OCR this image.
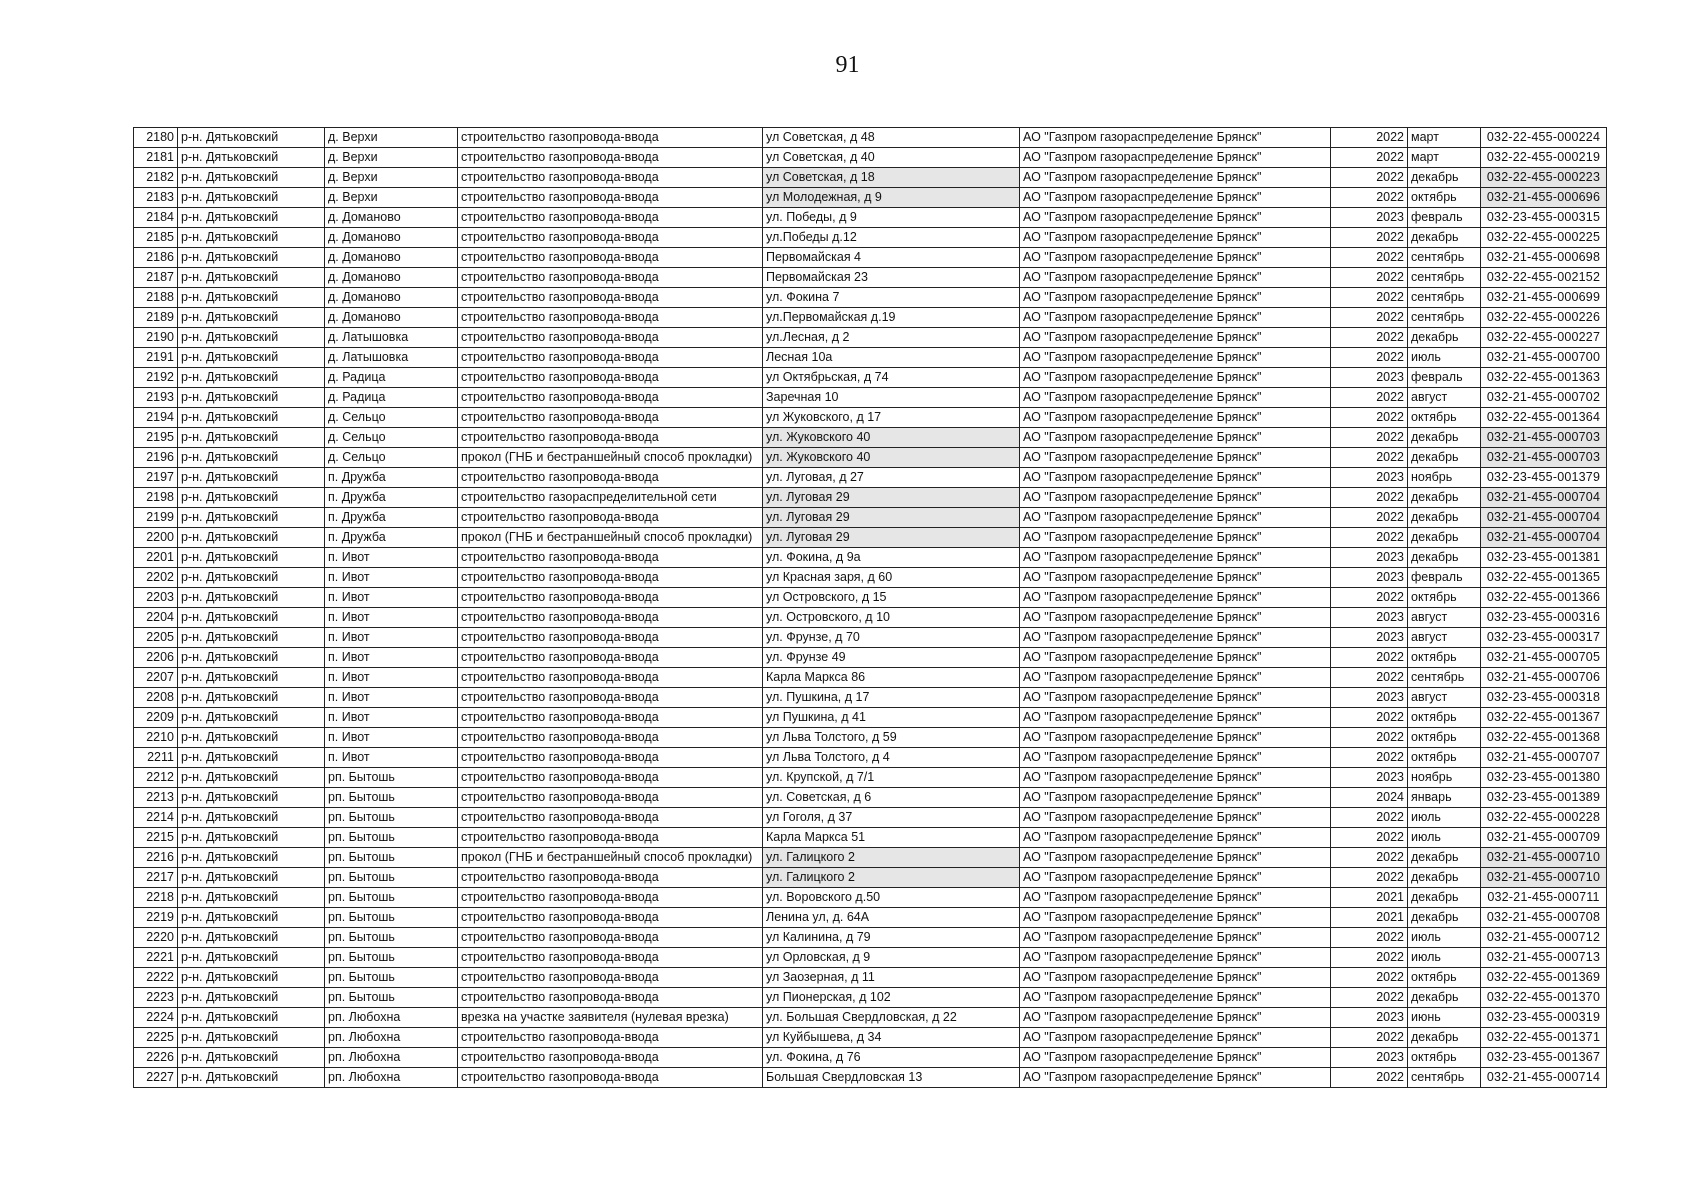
91
2180	р-н. Дятьковский	д. Верхи	строительство газопровода-ввода	ул Советская, д 48	АО "Газпром газораспределение Брянск"	2022	март	032-22-455-000224
2181	р-н. Дятьковский	д. Верхи	строительство газопровода-ввода	ул Советская, д 40	АО "Газпром газораспределение Брянск"	2022	март	032-22-455-000219
2182	р-н. Дятьковский	д. Верхи	строительство газопровода-ввода	ул Советская, д 18	АО "Газпром газораспределение Брянск"	2022	декабрь	032-22-455-000223
2183	р-н. Дятьковский	д. Верхи	строительство газопровода-ввода	ул Молодежная, д 9	АО "Газпром газораспределение Брянск"	2022	октябрь	032-21-455-000696
2184	р-н. Дятьковский	д. Доманово	строительство газопровода-ввода	ул. Победы, д 9	АО "Газпром газораспределение Брянск"	2023	февраль	032-23-455-000315
2185	р-н. Дятьковский	д. Доманово	строительство газопровода-ввода	ул.Победы д.12	АО "Газпром газораспределение Брянск"	2022	декабрь	032-22-455-000225
2186	р-н. Дятьковский	д. Доманово	строительство газопровода-ввода	Первомайская 4	АО "Газпром газораспределение Брянск"	2022	сентябрь	032-21-455-000698
2187	р-н. Дятьковский	д. Доманово	строительство газопровода-ввода	Первомайская 23	АО "Газпром газораспределение Брянск"	2022	сентябрь	032-22-455-002152
2188	р-н. Дятьковский	д. Доманово	строительство газопровода-ввода	ул. Фокина 7	АО "Газпром газораспределение Брянск"	2022	сентябрь	032-21-455-000699
2189	р-н. Дятьковский	д. Доманово	строительство газопровода-ввода	ул.Первомайская д.19	АО "Газпром газораспределение Брянск"	2022	сентябрь	032-22-455-000226
2190	р-н. Дятьковский	д. Латышовка	строительство газопровода-ввода	ул.Лесная, д 2	АО "Газпром газораспределение Брянск"	2022	декабрь	032-22-455-000227
2191	р-н. Дятьковский	д. Латышовка	строительство газопровода-ввода	Лесная 10а	АО "Газпром газораспределение Брянск"	2022	июль	032-21-455-000700
2192	р-н. Дятьковский	д. Радица	строительство газопровода-ввода	ул Октябрьская, д 74	АО "Газпром газораспределение Брянск"	2023	февраль	032-22-455-001363
2193	р-н. Дятьковский	д. Радица	строительство газопровода-ввода	Заречная 10	АО "Газпром газораспределение Брянск"	2022	август	032-21-455-000702
2194	р-н. Дятьковский	д. Сельцо	строительство газопровода-ввода	ул Жуковского, д 17	АО "Газпром газораспределение Брянск"	2022	октябрь	032-22-455-001364
2195	р-н. Дятьковский	д. Сельцо	строительство газопровода-ввода	ул. Жуковского 40	АО "Газпром газораспределение Брянск"	2022	декабрь	032-21-455-000703
2196	р-н. Дятьковский	д. Сельцо	прокол (ГНБ и бестраншейный способ прокладки)	ул. Жуковского 40	АО "Газпром газораспределение Брянск"	2022	декабрь	032-21-455-000703
2197	р-н. Дятьковский	п. Дружба	строительство газопровода-ввода	ул. Луговая, д 27	АО "Газпром газораспределение Брянск"	2023	ноябрь	032-23-455-001379
2198	р-н. Дятьковский	п. Дружба	строительство газораспределительной сети	ул. Луговая 29	АО "Газпром газораспределение Брянск"	2022	декабрь	032-21-455-000704
2199	р-н. Дятьковский	п. Дружба	строительство газопровода-ввода	ул. Луговая 29	АО "Газпром газораспределение Брянск"	2022	декабрь	032-21-455-000704
2200	р-н. Дятьковский	п. Дружба	прокол (ГНБ и бестраншейный способ прокладки)	ул. Луговая 29	АО "Газпром газораспределение Брянск"	2022	декабрь	032-21-455-000704
2201	р-н. Дятьковский	п. Ивот	строительство газопровода-ввода	ул. Фокина, д 9а	АО "Газпром газораспределение Брянск"	2023	декабрь	032-23-455-001381
2202	р-н. Дятьковский	п. Ивот	строительство газопровода-ввода	ул Красная заря, д 60	АО "Газпром газораспределение Брянск"	2023	февраль	032-22-455-001365
2203	р-н. Дятьковский	п. Ивот	строительство газопровода-ввода	ул Островского, д 15	АО "Газпром газораспределение Брянск"	2022	октябрь	032-22-455-001366
2204	р-н. Дятьковский	п. Ивот	строительство газопровода-ввода	ул. Островского, д 10	АО "Газпром газораспределение Брянск"	2023	август	032-23-455-000316
2205	р-н. Дятьковский	п. Ивот	строительство газопровода-ввода	ул. Фрунзе, д 70	АО "Газпром газораспределение Брянск"	2023	август	032-23-455-000317
2206	р-н. Дятьковский	п. Ивот	строительство газопровода-ввода	ул. Фрунзе 49	АО "Газпром газораспределение Брянск"	2022	октябрь	032-21-455-000705
2207	р-н. Дятьковский	п. Ивот	строительство газопровода-ввода	Карла Маркса 86	АО "Газпром газораспределение Брянск"	2022	сентябрь	032-21-455-000706
2208	р-н. Дятьковский	п. Ивот	строительство газопровода-ввода	ул. Пушкина, д 17	АО "Газпром газораспределение Брянск"	2023	август	032-23-455-000318
2209	р-н. Дятьковский	п. Ивот	строительство газопровода-ввода	ул Пушкина, д 41	АО "Газпром газораспределение Брянск"	2022	октябрь	032-22-455-001367
2210	р-н. Дятьковский	п. Ивот	строительство газопровода-ввода	ул Льва Толстого, д 59	АО "Газпром газораспределение Брянск"	2022	октябрь	032-22-455-001368
2211	р-н. Дятьковский	п. Ивот	строительство газопровода-ввода	ул Льва Толстого, д 4	АО "Газпром газораспределение Брянск"	2022	октябрь	032-21-455-000707
2212	р-н. Дятьковский	рп. Бытошь	строительство газопровода-ввода	ул. Крупской, д 7/1	АО "Газпром газораспределение Брянск"	2023	ноябрь	032-23-455-001380
2213	р-н. Дятьковский	рп. Бытошь	строительство газопровода-ввода	ул. Советская, д 6	АО "Газпром газораспределение Брянск"	2024	январь	032-23-455-001389
2214	р-н. Дятьковский	рп. Бытошь	строительство газопровода-ввода	ул Гоголя, д 37	АО "Газпром газораспределение Брянск"	2022	июль	032-22-455-000228
2215	р-н. Дятьковский	рп. Бытошь	строительство газопровода-ввода	Карла Маркса 51	АО "Газпром газораспределение Брянск"	2022	июль	032-21-455-000709
2216	р-н. Дятьковский	рп. Бытошь	прокол (ГНБ и бестраншейный способ прокладки)	ул. Галицкого 2	АО "Газпром газораспределение Брянск"	2022	декабрь	032-21-455-000710
2217	р-н. Дятьковский	рп. Бытошь	строительство газопровода-ввода	ул. Галицкого 2	АО "Газпром газораспределение Брянск"	2022	декабрь	032-21-455-000710
2218	р-н. Дятьковский	рп. Бытошь	строительство газопровода-ввода	ул. Воровского д.50	АО "Газпром газораспределение Брянск"	2021	декабрь	032-21-455-000711
2219	р-н. Дятьковский	рп. Бытошь	строительство газопровода-ввода	Ленина ул, д. 64А	АО "Газпром газораспределение Брянск"	2021	декабрь	032-21-455-000708
2220	р-н. Дятьковский	рп. Бытошь	строительство газопровода-ввода	ул Калинина, д 79	АО "Газпром газораспределение Брянск"	2022	июль	032-21-455-000712
2221	р-н. Дятьковский	рп. Бытошь	строительство газопровода-ввода	ул Орловская, д 9	АО "Газпром газораспределение Брянск"	2022	июль	032-21-455-000713
2222	р-н. Дятьковский	рп. Бытошь	строительство газопровода-ввода	ул Заозерная, д 11	АО "Газпром газораспределение Брянск"	2022	октябрь	032-22-455-001369
2223	р-н. Дятьковский	рп. Бытошь	строительство газопровода-ввода	ул Пионерская, д 102	АО "Газпром газораспределение Брянск"	2022	декабрь	032-22-455-001370
2224	р-н. Дятьковский	рп. Любохна	врезка на участке заявителя (нулевая врезка)	ул. Большая Свердловская, д 22	АО "Газпром газораспределение Брянск"	2023	июнь	032-23-455-000319
2225	р-н. Дятьковский	рп. Любохна	строительство газопровода-ввода	ул Куйбышева, д 34	АО "Газпром газораспределение Брянск"	2022	декабрь	032-22-455-001371
2226	р-н. Дятьковский	рп. Любохна	строительство газопровода-ввода	ул. Фокина, д 76	АО "Газпром газораспределение Брянск"	2023	октябрь	032-23-455-001367
2227	р-н. Дятьковский	рп. Любохна	строительство газопровода-ввода	Большая Свердловская 13	АО "Газпром газораспределение Брянск"	2022	сентябрь	032-21-455-000714
